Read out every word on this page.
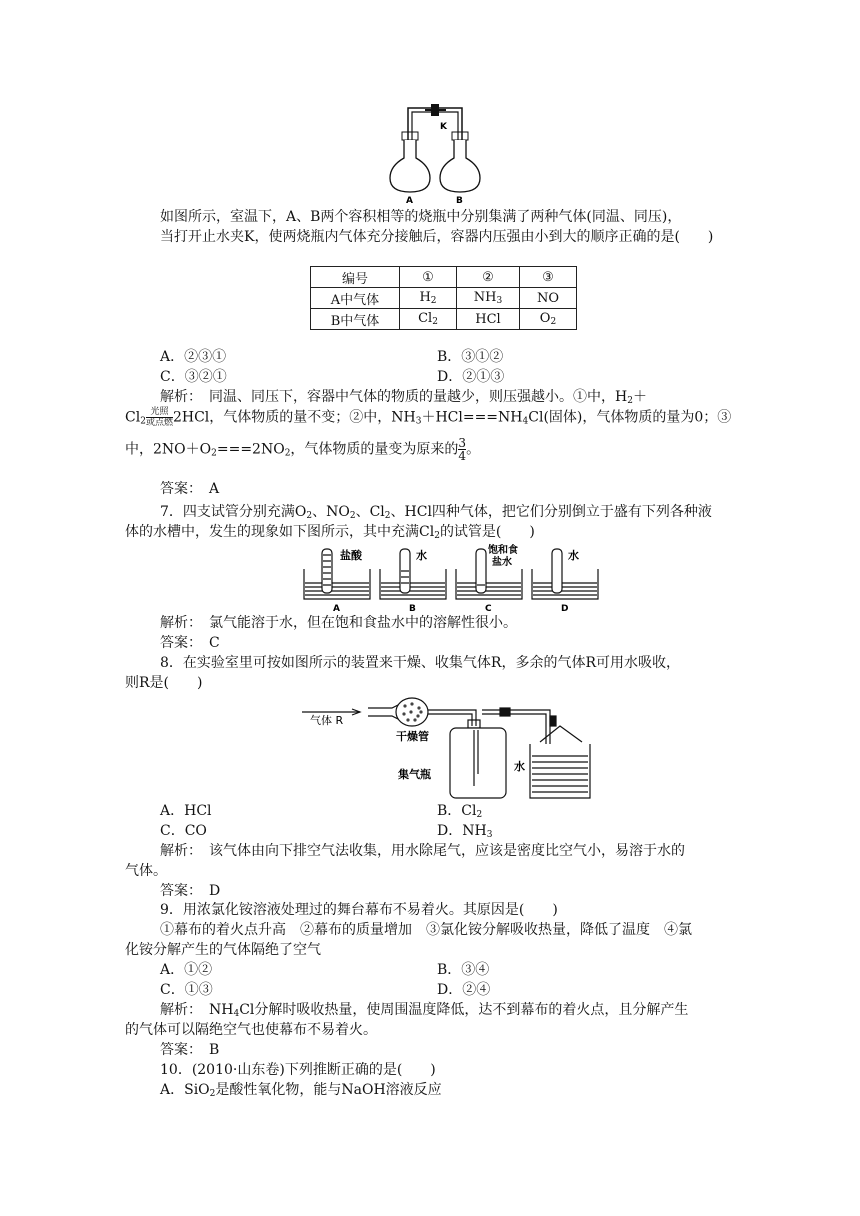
K
A	B
如图所示，室温下，A、B两个容积相等的烧瓶中分别集满了两种气体(同温、同压)，
当打开止水夹K，使两烧瓶内气体充分接触后，容器内压强由小到大的顺序正确的是(　　)
编号	①	②	③
A中气体	$H_2$	$NH_3$	NO
B中气体	$Cl_2$	HCl	$O_2$
A．②③①	B．③①②
C．③②①	D．②①③
解析：　同温、同压下，容器中气体的物质的量越少，则压强越小。①中，$H_2+$
$Cl_2 \frac{\text{光照}}{\text{或点燃}} 2HCl$，气体物质的量不变；②中，$NH_3+HCl===NH_4Cl$(固体)，气体物质的量为0；③
中，$2NO+O_2===2NO_2$，气体物质的量变为原来的 $\frac{3}{4}$ 。
答案：　A
7．四支试管分别充满$O_2$、$NO_2$、$Cl_2$、HCl四种气体，把它们分别倒立于盛有下列各种液
体的水槽中，发生的现象如下图所示，其中充满$Cl_2$的试管是(　　)
盐酸	水	饱和食
盐水
水
A	B	C	D
解析：　氯气能溶于水，但在饱和食盐水中的溶解性很小。
答案：　C
8．在实验室里可按如图所示的装置来干燥、收集气体R，多余的气体R可用水吸收，
则R是(　　)
气体 R
干燥管
集气瓶
水
A．HCl	B．$Cl_2$
C．CO	D．$NH_3$
解析：　该气体由向下排空气法收集，用水除尾气，应该是密度比空气小，易溶于水的
气体。
答案：　D
9．用浓氯化铵溶液处理过的舞台幕布不易着火。其原因是(　　)
①幕布的着火点升高　②幕布的质量增加　③氯化铵分解吸收热量，降低了温度　④氯
化铵分解产生的气体隔绝了空气
A．①②	B．③④
C．①③	D．②④
解析：　$NH_4Cl$分解时吸收热量，使周围温度降低，达不到幕布的着火点，且分解产生
的气体可以隔绝空气也使幕布不易着火。
答案：　B
10．(2010·山东卷)下列推断正确的是(　　)
A．SiO$_2$是酸性氧化物，能与NaOH溶液反应
